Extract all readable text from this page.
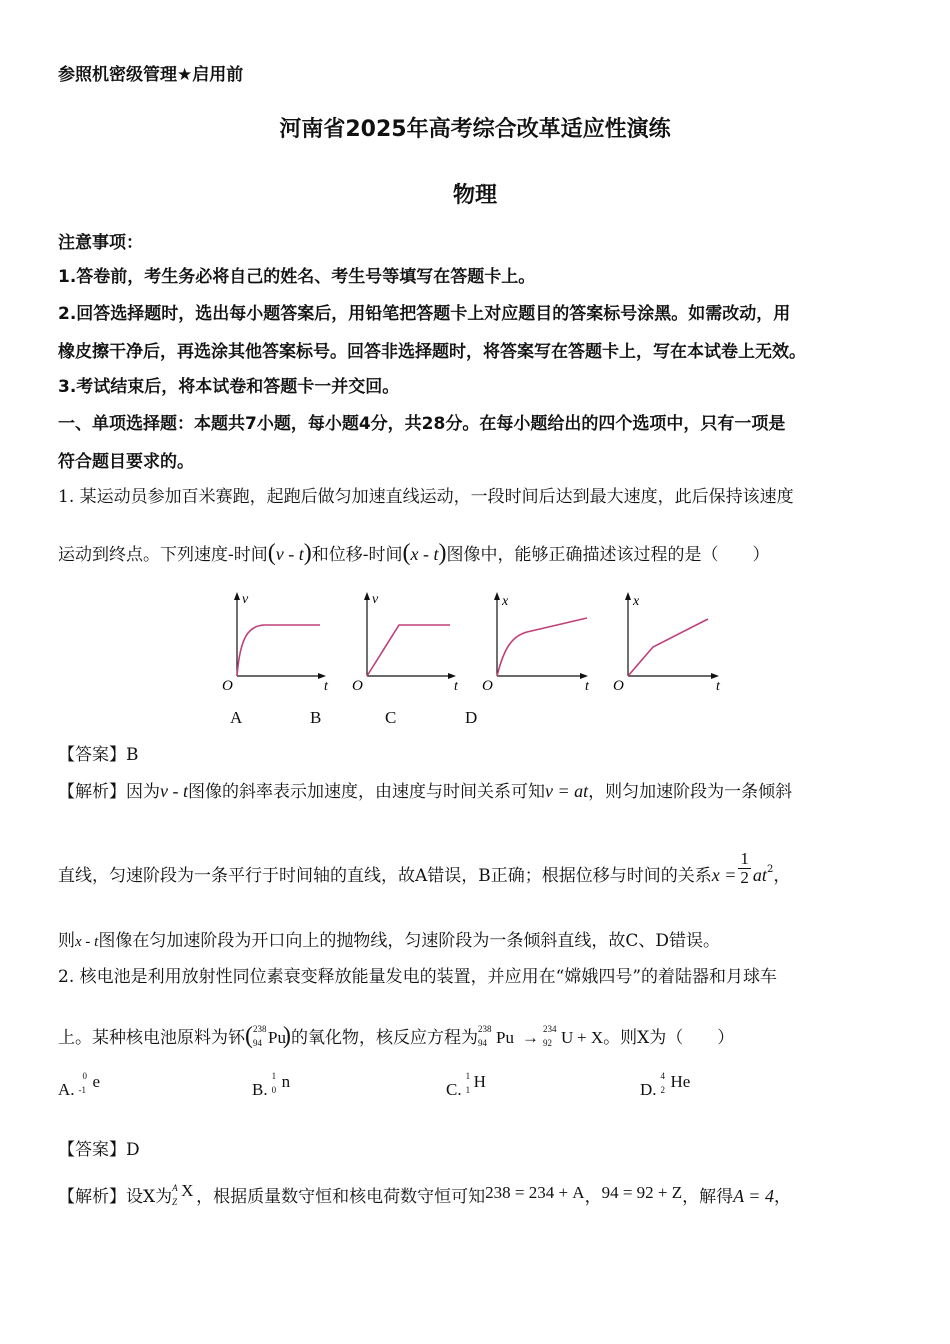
参照机密级管理★启用前
河南省2025年高考综合改革适应性演练
物理
注意事项：
1.答卷前，考生务必将自己的姓名、考生号等填写在答题卡上。
2.回答选择题时，选出每小题答案后，用铅笔把答题卡上对应题目的答案标号涂黑。如需改动，用
橡皮擦干净后，再选涂其他答案标号。回答非选择题时，将答案写在答题卡上，写在本试卷上无效。
3.考试结束后，将本试卷和答题卡一并交回。
一、单项选择题：本题共7小题，每小题4分，共28分。在每小题给出的四个选项中，只有一项是
符合题目要求的。
1. 某运动员参加百米赛跑，起跑后做匀加速直线运动，一段时间后达到最大速度，此后保持该速度
运动到终点。下列速度-时间(v - t)和位移-时间(x - t)图像中，能够正确描述该过程的是（　　）
v
t
O
v
t
O
x
t
O
x
t
O
A	B	C	D
【答案】B
【解析】因为v - t图像的斜率表示加速度，由速度与时间关系可知v = at，则匀加速阶段为一条倾斜
直线，匀速阶段为一条平行于时间轴的直线，故A错误，B正确；根据位移与时间的关系$x = \frac{1}{2} at^2$，
则x - t图像在匀加速阶段为开口向上的抛物线，匀速阶段为一条倾斜直线，故C、D错误。
2. 核电池是利用放射性同位素衰变释放能量发电的装置，并应用在“嫦娥四号”的着陆器和月球车
上。某种核电池原料为钚( 238
94 Pu)的氧化物，核反应方程为 238
94 Pu → 234
92 U + X。则X为（　　）
A.
0
-1 e	B.
1
0 n	C.
1
1 H	D.
4
2 He
【答案】D
【解析】设X为 A
Z
X ，根据质量数守恒和核电荷数守恒可知238 = 234 + A，94 = 92 + Z，解得A = 4，
